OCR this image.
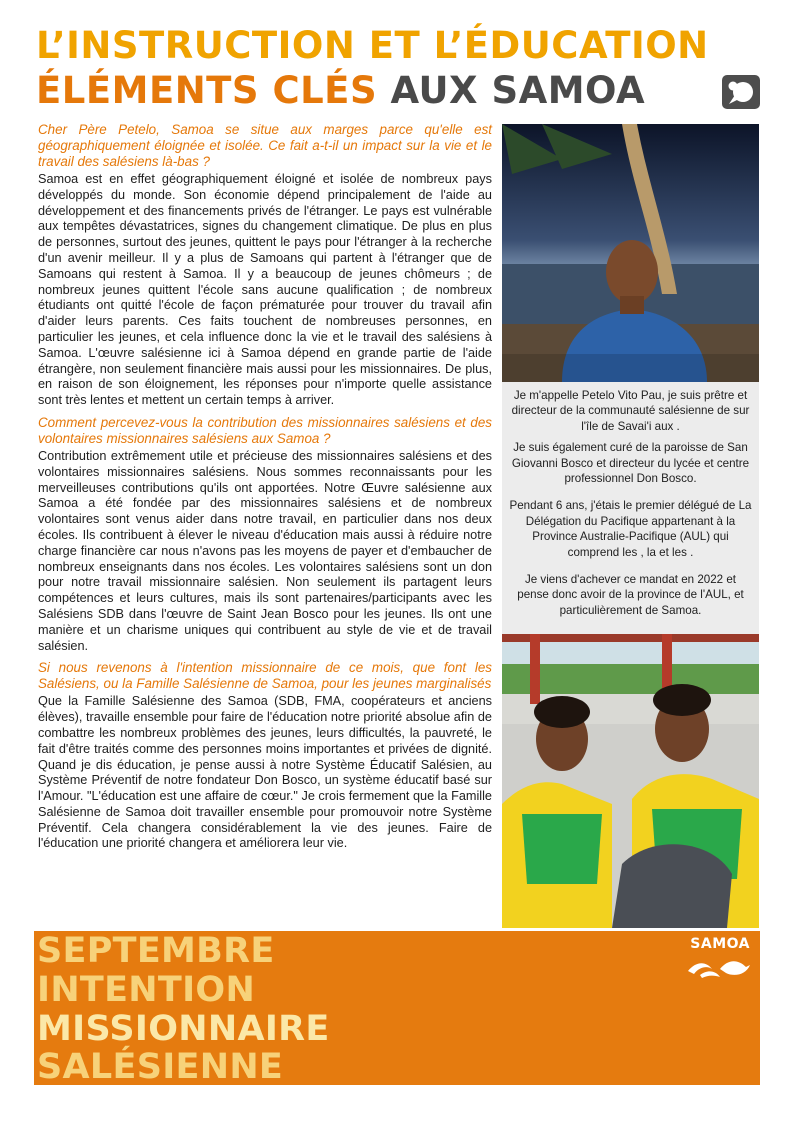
L’INSTRUCTION ET L’ÉDUCATION
ÉLÉMENTS CLÉS AUX SAMOA

Cher Père Petelo, Samoa se situe aux marges parce qu'elle est géographiquement éloignée et isolée. Ce fait a-t-il un impact sur la vie et le travail des salésiens là-bas ?

Samoa est en effet géographiquement éloigné et isolée de nombreux pays développés du monde. Son économie dépend principalement de l'aide au développement et des financements privés de l'étranger. Le pays est vulnérable aux tempêtes dévastatrices, signes du changement climatique. De plus en plus de personnes, surtout des jeunes, quittent le pays pour l'étranger à la recherche d'un avenir meilleur. Il y a plus de Samoans qui partent à l'étranger que de Samoans qui restent à Samoa. Il y a beaucoup de jeunes chômeurs ; de nombreux jeunes quittent l'école sans aucune qualification ; de nombreux étudiants ont quitté l'école de façon prématurée pour trouver du travail afin d'aider leurs parents. Ces faits touchent de nombreuses personnes, en particulier les jeunes, et cela influence donc la vie et le travail des salésiens à Samoa. L'œuvre salésienne ici à Samoa dépend en grande partie de l'aide étrangère, non seulement financière mais aussi pour les missionnaires. De plus, en raison de son éloignement, les réponses pour n'importe quelle assistance sont très lentes et mettent un certain temps à arriver.

Comment percevez-vous la contribution des missionnaires salésiens et des volontaires missionnaires salésiens aux Samoa ?

Contribution extrêmement utile et précieuse des missionnaires salésiens et des volontaires missionnaires salésiens. Nous sommes reconnaissants pour les merveilleuses contributions qu'ils ont apportées. Notre Œuvre salésienne aux Samoa a été fondée par des missionnaires salésiens et de nombreux volontaires sont venus aider dans notre travail, en particulier dans nos deux écoles. Ils contribuent à élever le niveau d'éducation mais aussi à réduire notre charge financière car nous n'avons pas les moyens de payer et d'embaucher de nombreux enseignants dans nos écoles. Les volontaires salésiens sont un don pour notre travail missionnaire salésien. Non seulement ils partagent leurs compétences et leurs cultures, mais ils sont partenaires/participants avec les Salésiens SDB dans l'œuvre de Saint Jean Bosco pour les jeunes. Ils ont une manière et un charisme uniques qui contribuent au style de vie et de travail salésien.

Si nous revenons à l'intention missionnaire de ce mois, que font les Salésiens, ou la Famille Salésienne de Samoa, pour les jeunes marginalisés

Que la Famille Salésienne des Samoa (SDB, FMA, coopérateurs et anciens élèves), travaille ensemble pour faire de l'éducation notre priorité absolue afin de combattre les nombreux problèmes des jeunes, leurs difficultés, la pauvreté, le fait d'être traités comme des personnes moins importantes et privées de dignité. Quand je dis éducation, je pense aussi à notre Système Éducatif Salésien, au Système Préventif de notre fondateur Don Bosco, un système éducatif basé sur l'Amour. "L'éducation est une affaire de cœur." Je crois fermement que la Famille Salésienne de Samoa doit travailler ensemble pour promouvoir notre Système Préventif. Cela changera considérablement la vie des jeunes. Faire de l'éducation une priorité changera et améliorera leur vie.

Je m'appelle Petelo Vito Pau, je suis prêtre et directeur de la communauté salésienne de sur l'île de Savai'i aux .

Je suis également curé de la paroisse de San Giovanni Bosco et directeur du lycée et centre professionnel Don Bosco.

Pendant 6 ans, j'étais le premier délégué de La Délégation du Pacifique appartenant à la Province Australie-Pacifique (AUL) qui comprend les , la et les .

Je viens d'achever ce mandat en 2022 et pense donc avoir de la province de l'AUL, et particulièrement de Samoa.

SEPTEMBRE
INTENTION
MISSIONNAIRE
SALÉSIENNE
SAMOA
